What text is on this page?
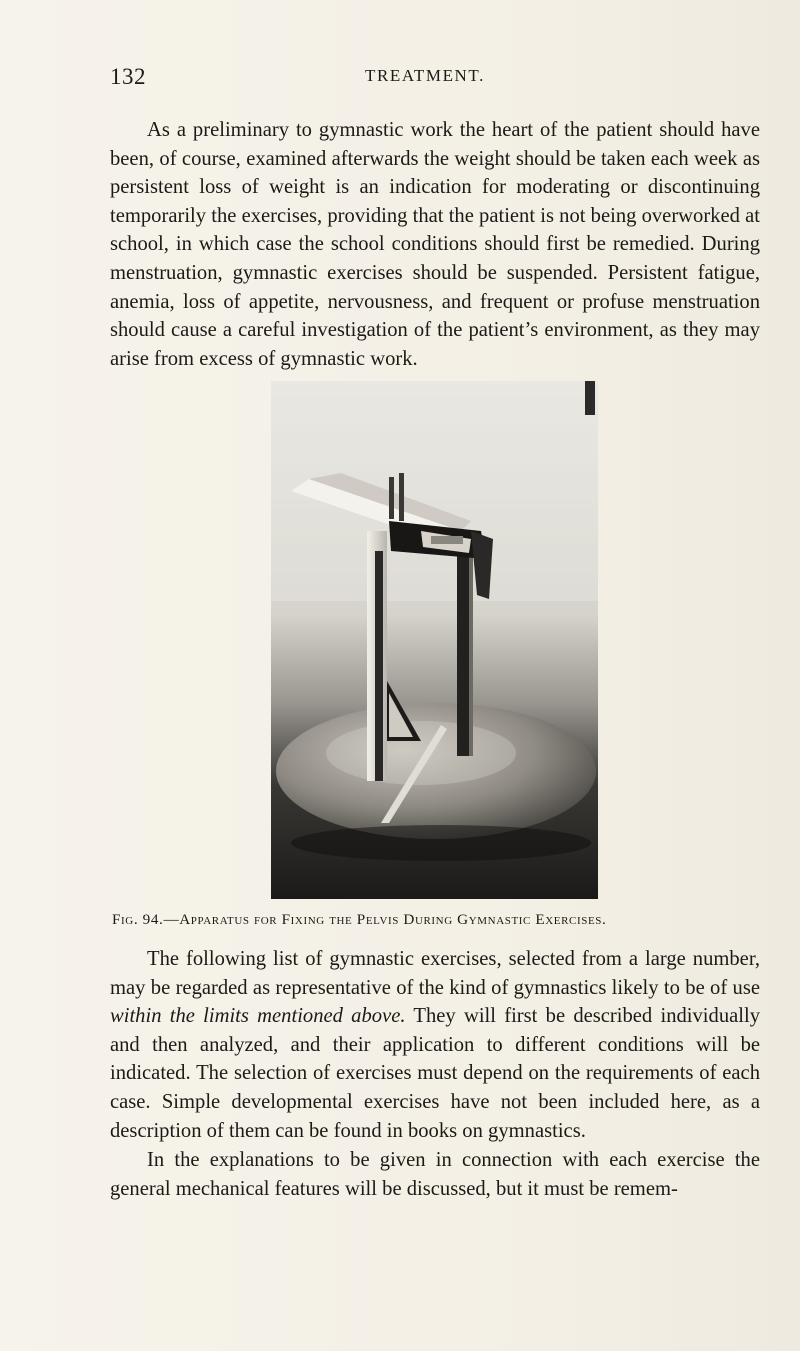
132	TREATMENT.

As a preliminary to gymnastic work the heart of the patient should have been, of course, examined afterwards the weight should be taken each week as persistent loss of weight is an indication for moderating or discontinuing temporarily the exercises, providing that the patient is not being overworked at school, in which case the school conditions should first be remedied. During menstruation, gymnastic exercises should be suspended. Persistent fatigue, anemia, loss of appetite, nervousness, and frequent or profuse menstruation should cause a careful investigation of the patient’s environment, as they may arise from excess of gymnastic work.

Fig. 94.—Apparatus for Fixing the Pelvis During Gymnastic Exercises.

The following list of gymnastic exercises, selected from a large number, may be regarded as representative of the kind of gymnastics likely to be of use within the limits mentioned above. They will first be described individually and then analyzed, and their application to different conditions will be indicated. The selection of exercises must depend on the requirements of each case. Simple developmental exercises have not been included here, as a description of them can be found in books on gymnastics.

In the explanations to be given in connection with each exercise the general mechanical features will be discussed, but it must be remem-
